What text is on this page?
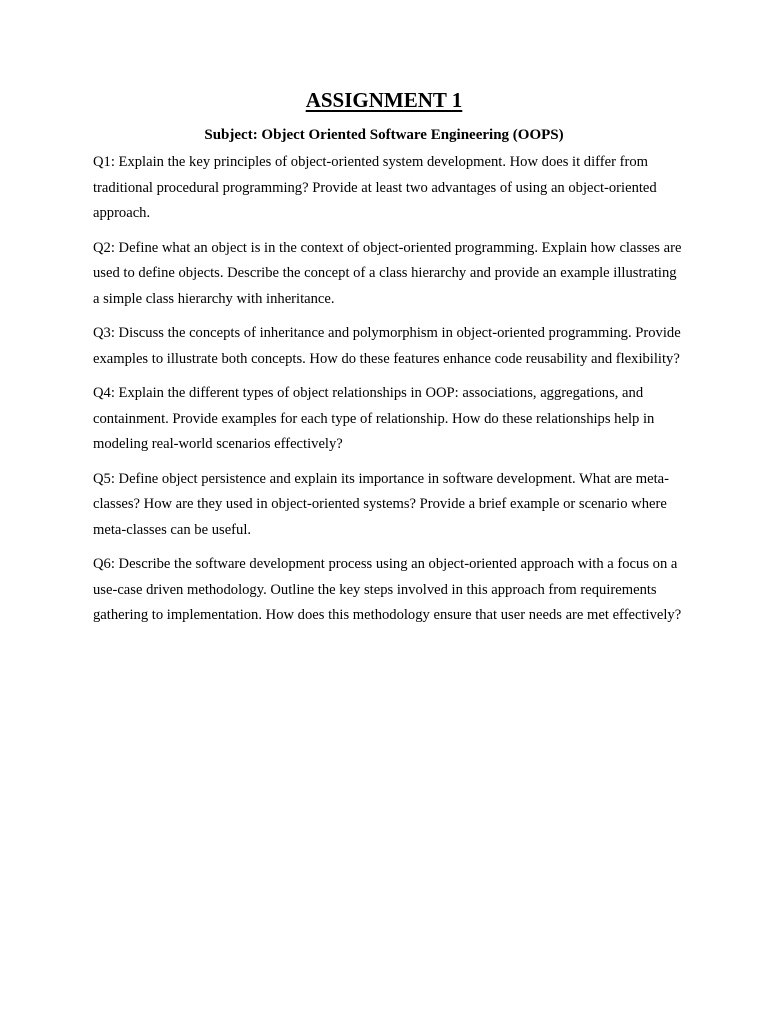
ASSIGNMENT 1
Subject: Object Oriented Software Engineering (OOPS)

Q1: Explain the key principles of object-oriented system development. How does it differ from traditional procedural programming? Provide at least two advantages of using an object-oriented approach.

Q2: Define what an object is in the context of object-oriented programming. Explain how classes are used to define objects. Describe the concept of a class hierarchy and provide an example illustrating a simple class hierarchy with inheritance.

Q3: Discuss the concepts of inheritance and polymorphism in object-oriented programming. Provide examples to illustrate both concepts. How do these features enhance code reusability and flexibility?

Q4: Explain the different types of object relationships in OOP: associations, aggregations, and containment. Provide examples for each type of relationship. How do these relationships help in modeling real-world scenarios effectively?

Q5: Define object persistence and explain its importance in software development. What are meta-classes? How are they used in object-oriented systems? Provide a brief example or scenario where meta-classes can be useful.

Q6: Describe the software development process using an object-oriented approach with a focus on a use-case driven methodology. Outline the key steps involved in this approach from requirements gathering to implementation. How does this methodology ensure that user needs are met effectively?
